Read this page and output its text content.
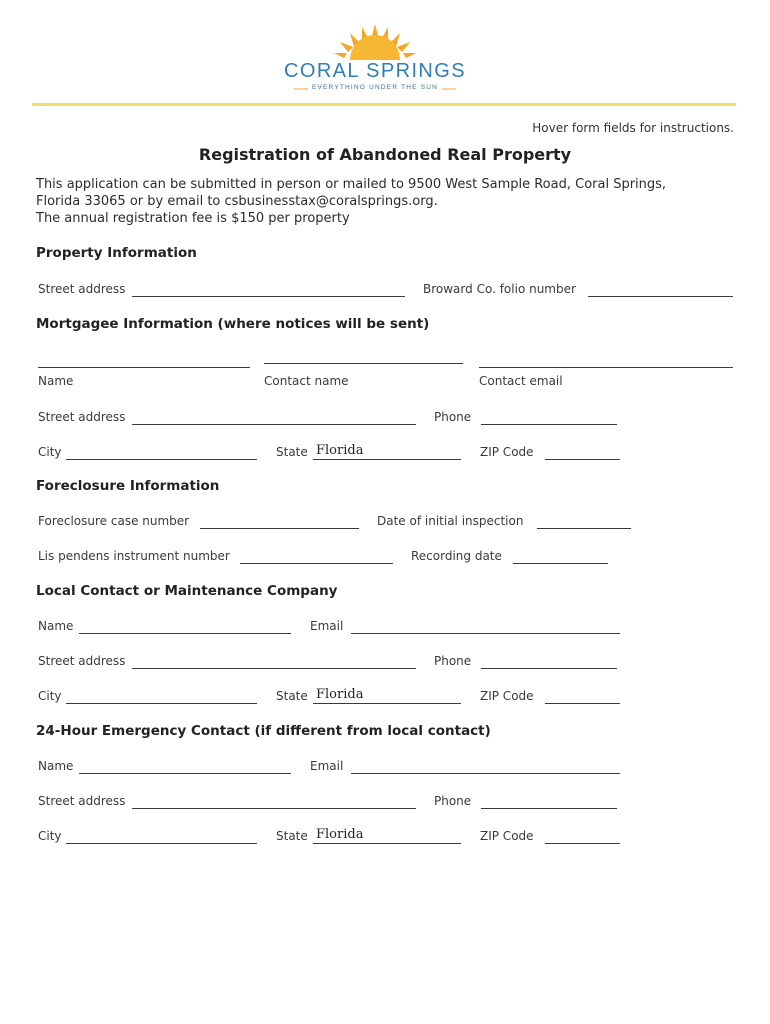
CORAL SPRINGS
EVERYTHING UNDER THE SUN
Hover form fields for instructions.
Registration of Abandoned Real Property
This application can be submitted in person or mailed to 9500 West Sample Road, Coral Springs,
Florida 33065 or by email to csbusinesstax@coralsprings.org.
The annual registration fee is $150 per property
Property Information
Street address	Broward Co. folio number
Mortgagee Information (where notices will be sent)
Name	Contact name	Contact email
Street address	Phone
City	State Florida	ZIP Code
Foreclosure Information
Foreclosure case number	Date of initial inspection
Lis pendens instrument number	Recording date
Local Contact or Maintenance Company
Name	Email
Street address	Phone
City	State Florida	ZIP Code
24-Hour Emergency Contact (if different from local contact)
Name	Email
Street address	Phone
City	State Florida	ZIP Code
